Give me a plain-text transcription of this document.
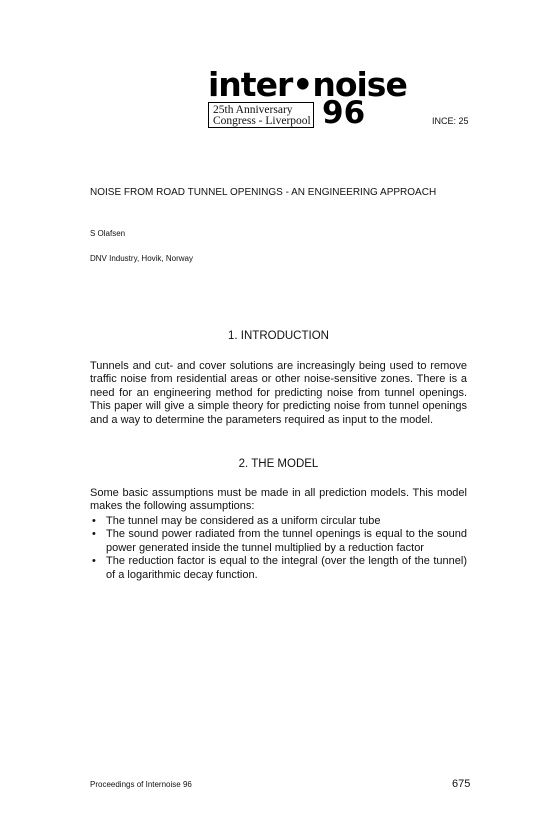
inter•noise
25th Anniversary
Congress - Liverpool 96	INCE: 25
NOISE FROM ROAD TUNNEL OPENINGS - AN ENGINEERING APPROACH
S Olafsen
DNV Industry, Hovik, Norway
1. INTRODUCTION

Tunnels and cut- and cover solutions are increasingly being used to remove traffic noise from residential areas or other noise-sensitive zones. There is a need for an engineering method for predicting noise from tunnel openings. This paper will give a simple theory for predicting noise from tunnel openings and a way to determine the parameters required as input to the model.

2. THE MODEL

Some basic assumptions must be made in all prediction models. This model makes the following assumptions:

• The tunnel may be considered as a uniform circular tube
• The sound power radiated from the tunnel openings is equal to the sound power generated inside the tunnel multiplied by a reduction factor
• The reduction factor is equal to the integral (over the length of the tunnel) of a logarithmic decay function.
Proceedings of Internoise 96	675
